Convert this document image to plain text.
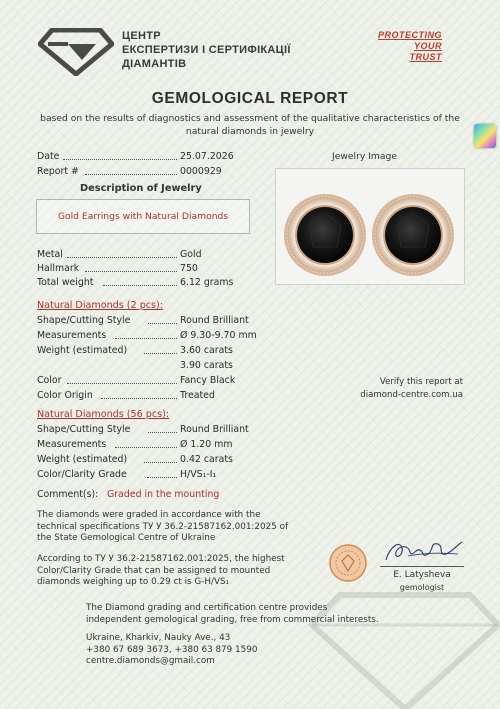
ЦЕНТР
ЕКСПЕРТИЗИ І СЕРТИФІКАЦІЇ
ДІАМАНТІВ
PROTECTING
YOUR
TRUST
GEMOLOGICAL REPORT
based on the results of diagnostics and assessment of the qualitative characteristics of the natural diamonds in jewelry
Date	25.07.2026
Report #	0000929
Description of Jewelry
Gold Earrings with Natural Diamonds
Metal	Gold
Hallmark	750
Total weight	6.12 grams
Natural Diamonds (2 pcs):
Shape/Cutting Style	Round Brilliant
Measurements	Ø 9.30-9.70 mm
Weight (estimated)	3.60 carats
3.90 carats
Color	Fancy Black
Color Origin	Treated
Natural Diamonds (56 pcs):
Shape/Cutting Style	Round Brilliant
Measurements	Ø 1.20 mm
Weight (estimated)	0.42 carats
Color/Clarity Grade	H/VS₁-I₁
Comment(s): Graded in the mounting
Jewelry Image
Verify this report at
diamond-centre.com.ua
The diamonds were graded in accordance with the
technical specifications ТУ У 36.2-21587162.001:2025 of
the State Gemological Centre of Ukraine
According to ТУ У 36.2-21587162.001:2025, the highest
Color/Clarity Grade that can be assigned to mounted
diamonds weighing up to 0.29 ct is G-H/VS₁
E. Latysheva
gemologist
The Diamond grading and certification centre provides
independent gemological grading, free from commercial interests.
Ukraine, Kharkiv, Nauky Ave., 43
+380 67 689 3673, +380 63 879 1590
centre.diamonds@gmail.com
